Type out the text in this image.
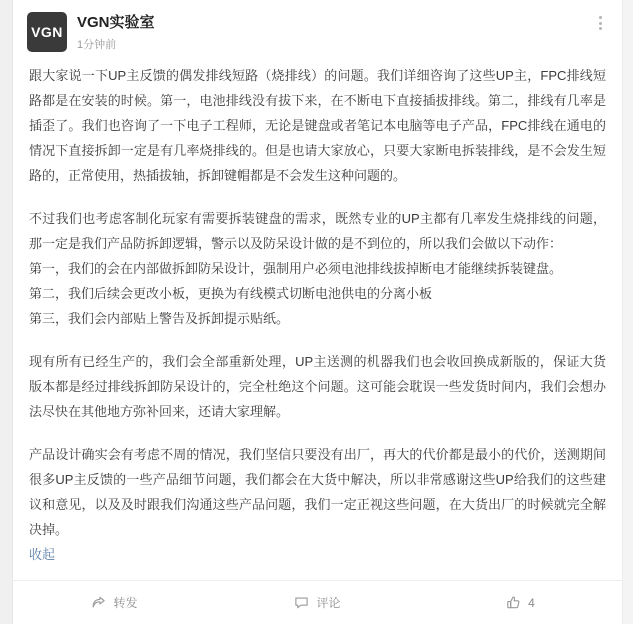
VGN
VGN实验室
1分钟前

跟大家说一下UP主反馈的偶发排线短路（烧排线）的问题。我们详细咨询了这些UP主，FPC排线短路都是在安装的时候。第一，电池排线没有拔下来，在不断电下直接插拔排线。第二，排线有几率是插歪了。我们也咨询了一下电子工程师，无论是键盘或者笔记本电脑等电子产品，FPC排线在通电的情况下直接拆卸一定是有几率烧排线的。但是也请大家放心，只要大家断电拆装排线，是不会发生短路的，正常使用，热插拔轴，拆卸键帽都是不会发生这种问题的。

不过我们也考虑客制化玩家有需要拆装键盘的需求，既然专业的UP主都有几率发生烧排线的问题，那一定是我们产品防拆卸逻辑，警示以及防呆设计做的是不到位的，所以我们会做以下动作：

第一，我们的会在内部做拆卸防呆设计，强制用户必须电池排线拔掉断电才能继续拆装键盘。

第二，我们后续会更改小板，更换为有线模式切断电池供电的分离小板

第三，我们会内部贴上警告及拆卸提示贴纸。

现有所有已经生产的，我们会全部重新处理，UP主送测的机器我们也会收回换成新版的，保证大货版本都是经过排线拆卸防呆设计的，完全杜绝这个问题。这可能会耽误一些发货时间内，我们会想办法尽快在其他地方弥补回来，还请大家理解。

产品设计确实会有考虑不周的情况，我们坚信只要没有出厂，再大的代价都是最小的代价，送测期间很多UP主反馈的一些产品细节问题，我们都会在大货中解决，所以非常感谢这些UP给我们的这些建议和意见，以及及时跟我们沟通这些产品问题，我们一定正视这些问题，在大货出厂的时候就完全解决掉。

收起
转发	评论	4
